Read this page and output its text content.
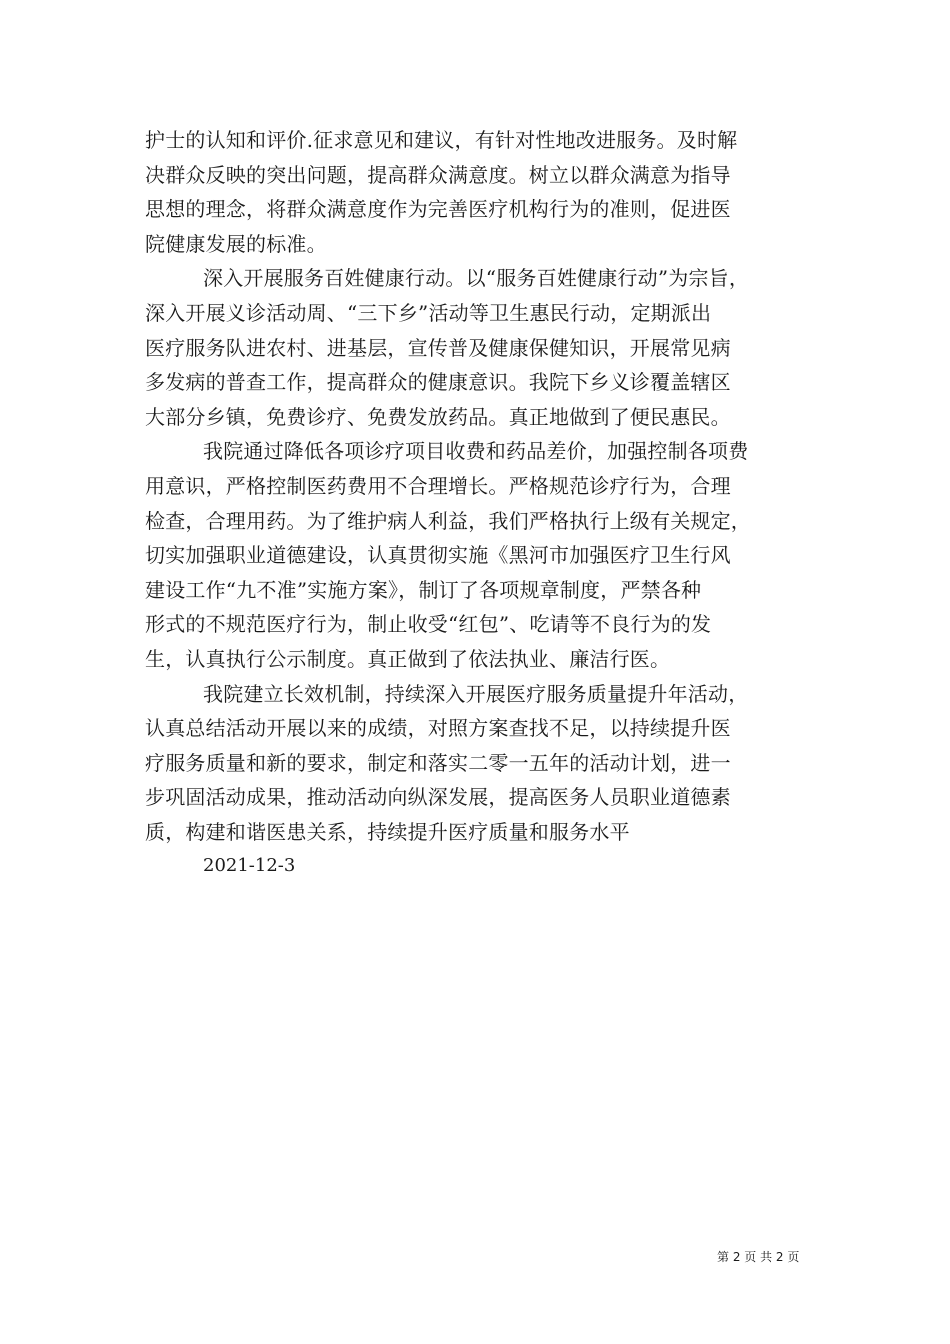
护士的认知和评价.征求意见和建议，有针对性地改进服务。及时解
决群众反映的突出问题，提高群众满意度。树立以群众满意为指导
思想的理念，将群众满意度作为完善医疗机构行为的准则，促进医
院健康发展的标准。
深入开展服务百姓健康行动。以“服务百姓健康行动”为宗旨，
深入开展义诊活动周、“三下乡”活动等卫生惠民行动，定期派出
医疗服务队进农村、进基层，宣传普及健康保健知识，开展常见病
多发病的普查工作，提高群众的健康意识。我院下乡义诊覆盖辖区
大部分乡镇，免费诊疗、免费发放药品。真正地做到了便民惠民。
我院通过降低各项诊疗项目收费和药品差价，加强控制各项费
用意识，严格控制医药费用不合理增长。严格规范诊疗行为，合理
检查，合理用药。为了维护病人利益，我们严格执行上级有关规定，
切实加强职业道德建设，认真贯彻实施《黑河市加强医疗卫生行风
建设工作“九不准”实施方案》，制订了各项规章制度，严禁各种
形式的不规范医疗行为，制止收受“红包”、吃请等不良行为的发
生，认真执行公示制度。真正做到了依法执业、廉洁行医。
我院建立长效机制，持续深入开展医疗服务质量提升年活动，
认真总结活动开展以来的成绩，对照方案查找不足，以持续提升医
疗服务质量和新的要求，制定和落实二零一五年的活动计划，进一
步巩固活动成果，推动活动向纵深发展，提高医务人员职业道德素
质，构建和谐医患关系，持续提升医疗质量和服务水平
2021-12-3
第 2 页 共 2 页
